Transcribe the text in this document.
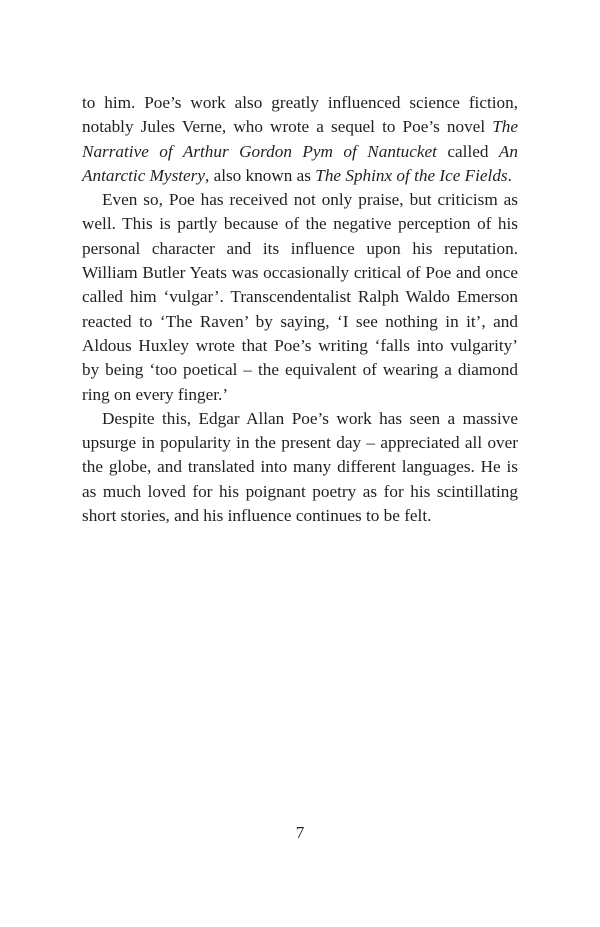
to him. Poe’s work also greatly influenced science fiction, notably Jules Verne, who wrote a sequel to Poe’s novel The Narrative of Arthur Gordon Pym of Nantucket called An Antarctic Mystery, also known as The Sphinx of the Ice Fields.

Even so, Poe has received not only praise, but criticism as well. This is partly because of the negative perception of his personal character and its influence upon his reputation. William Butler Yeats was occasionally critical of Poe and once called him ‘vulgar’. Transcendentalist Ralph Waldo Emerson reacted to ‘The Raven’ by saying, ‘I see nothing in it’, and Aldous Huxley wrote that Poe’s writing ‘falls into vulgarity’ by being ‘too poetical – the equivalent of wearing a diamond ring on every finger.’

Despite this, Edgar Allan Poe’s work has seen a massive upsurge in popularity in the present day – appreciated all over the globe, and translated into many different languages. He is as much loved for his poignant poetry as for his scintillating short stories, and his influence continues to be felt.

7
